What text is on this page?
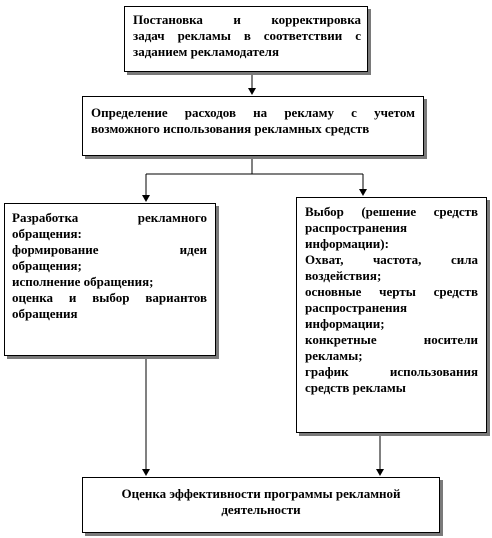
Постановка и корректировка
задач рекламы в соответствии с
заданием рекламодателя
Определение расходов на рекламу с учетом
возможного использования рекламных средств
Разработка рекламного
обращения:
формирование идеи
обращения;
исполнение обращения;
оценка и выбор вариантов
обращения
Выбор (решение средств
распространения
информации):
Охват, частота, сила
воздействия;
основные черты средств
распространения
информации;
конкретные носители
рекламы;
график использования
средств рекламы
Оценка эффективности программы рекламной
деятельности
